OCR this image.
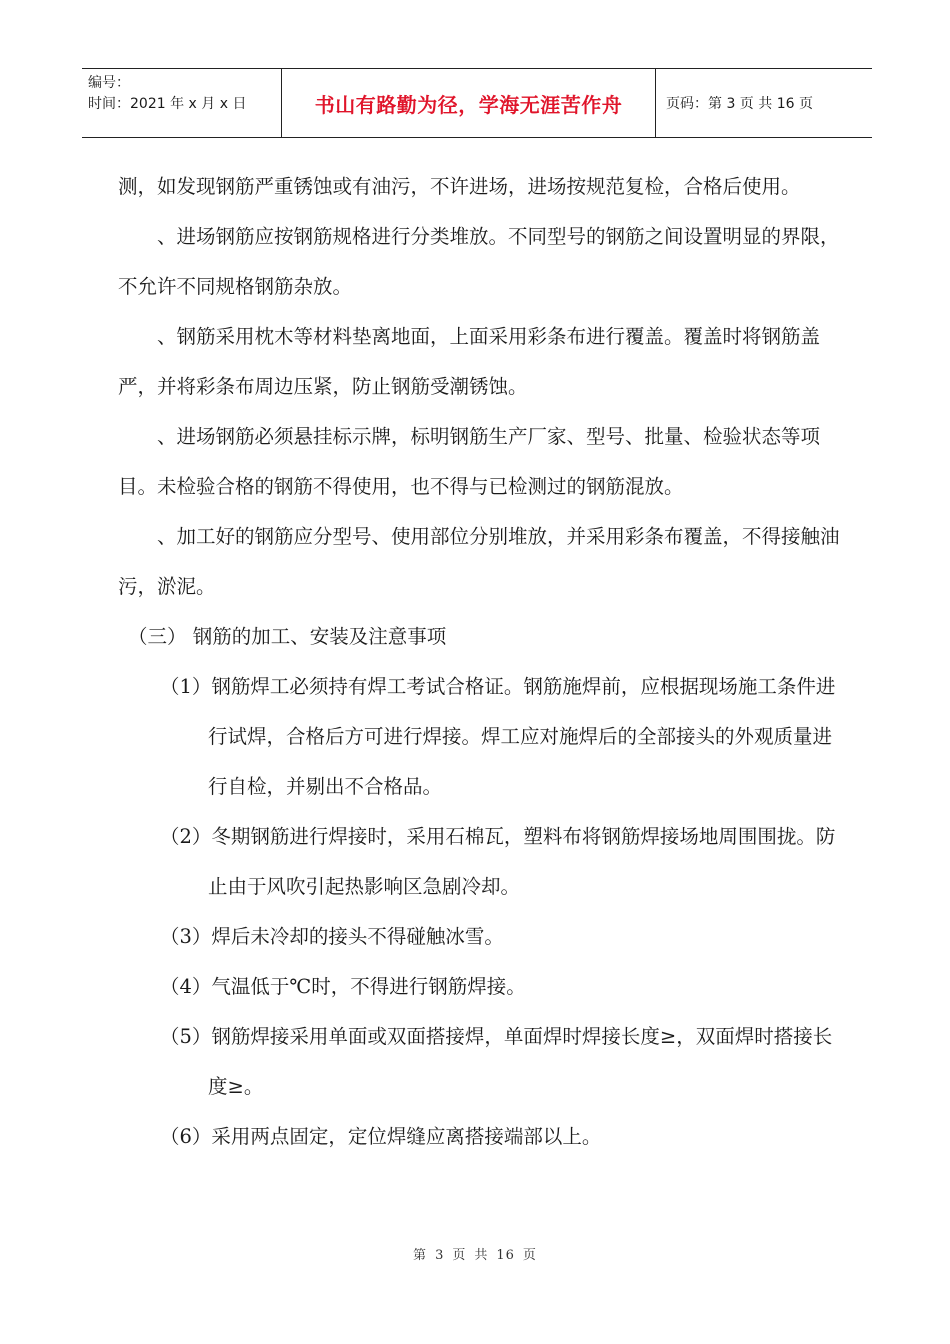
编号：
时间：2021 年 x 月 x 日	书山有路勤为径，学海无涯苦作舟	页码：第 3 页 共 16 页

测，如发现钢筋严重锈蚀或有油污，不许进场，进场按规范复检，合格后使用。

、进场钢筋应按钢筋规格进行分类堆放。不同型号的钢筋之间设置明显的界限，不允许不同规格钢筋杂放。

、钢筋采用枕木等材料垫离地面，上面采用彩条布进行覆盖。覆盖时将钢筋盖严，并将彩条布周边压紧，防止钢筋受潮锈蚀。

、进场钢筋必须悬挂标示牌，标明钢筋生产厂家、型号、批量、检验状态等项目。未检验合格的钢筋不得使用，也不得与已检测过的钢筋混放。

、加工好的钢筋应分型号、使用部位分别堆放，并采用彩条布覆盖，不得接触油污，淤泥。

（三） 钢筋的加工、安装及注意事项

（1）钢筋焊工必须持有焊工考试合格证。钢筋施焊前，应根据现场施工条件进行试焊，合格后方可进行焊接。焊工应对施焊后的全部接头的外观质量进行自检，并剔出不合格品。

（2）冬期钢筋进行焊接时，采用石棉瓦，塑料布将钢筋焊接场地周围围拢。防止由于风吹引起热影响区急剧冷却。

（3）焊后未冷却的接头不得碰触冰雪。

（4）气温低于℃时，不得进行钢筋焊接。

（5）钢筋焊接采用单面或双面搭接焊，单面焊时焊接长度≥，双面焊时搭接长度≥。

（6）采用两点固定，定位焊缝应离搭接端部以上。

第 3 页 共 16 页
